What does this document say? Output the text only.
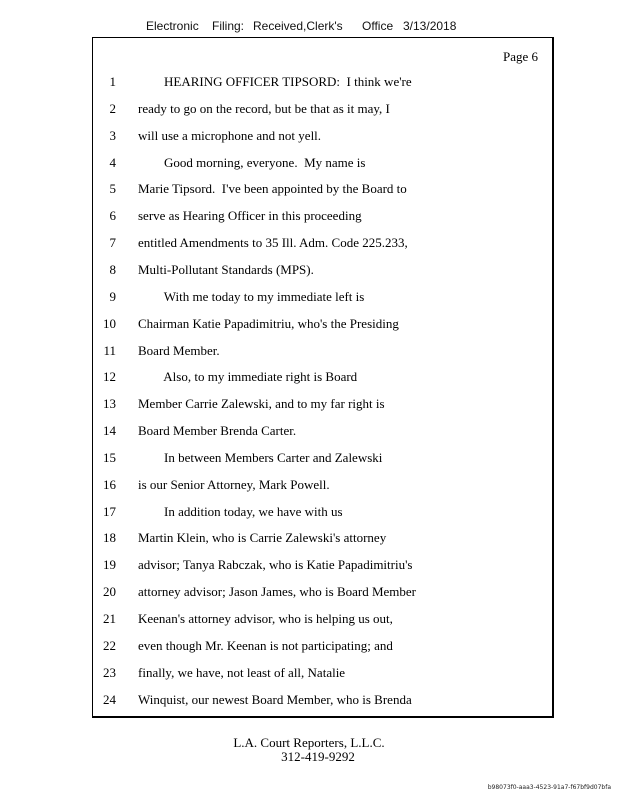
Electronic Filing: Received,Clerk's Office 3/13/2018
Page 6
1 HEARING OFFICER TIPSORD:  I think we're
2 ready to go on the record, but be that as it may, I
3 will use a microphone and not yell.
4 Good morning, everyone.  My name is
5 Marie Tipsord.  I've been appointed by the Board to
6 serve as Hearing Officer in this proceeding
7 entitled Amendments to 35 Ill. Adm. Code 225.233,
8 Multi-Pollutant Standards (MPS).
9 With me today to my immediate left is
10 Chairman Katie Papadimitriu, who's the Presiding
11 Board Member.
12 Also, to my immediate right is Board
13 Member Carrie Zalewski, and to my far right is
14 Board Member Brenda Carter.
15 In between Members Carter and Zalewski
16 is our Senior Attorney, Mark Powell.
17 In addition today, we have with us
18 Martin Klein, who is Carrie Zalewski's attorney
19 advisor; Tanya Rabczak, who is Katie Papadimitriu's
20 attorney advisor; Jason James, who is Board Member
21 Keenan's attorney advisor, who is helping us out,
22 even though Mr. Keenan is not participating; and
23 finally, we have, not least of all, Natalie
24 Winquist, our newest Board Member, who is Brenda
L.A. Court Reporters, L.L.C.
312-419-9292
b98073f0-aaa3-4523-91a7-f67bf9d07bfa
